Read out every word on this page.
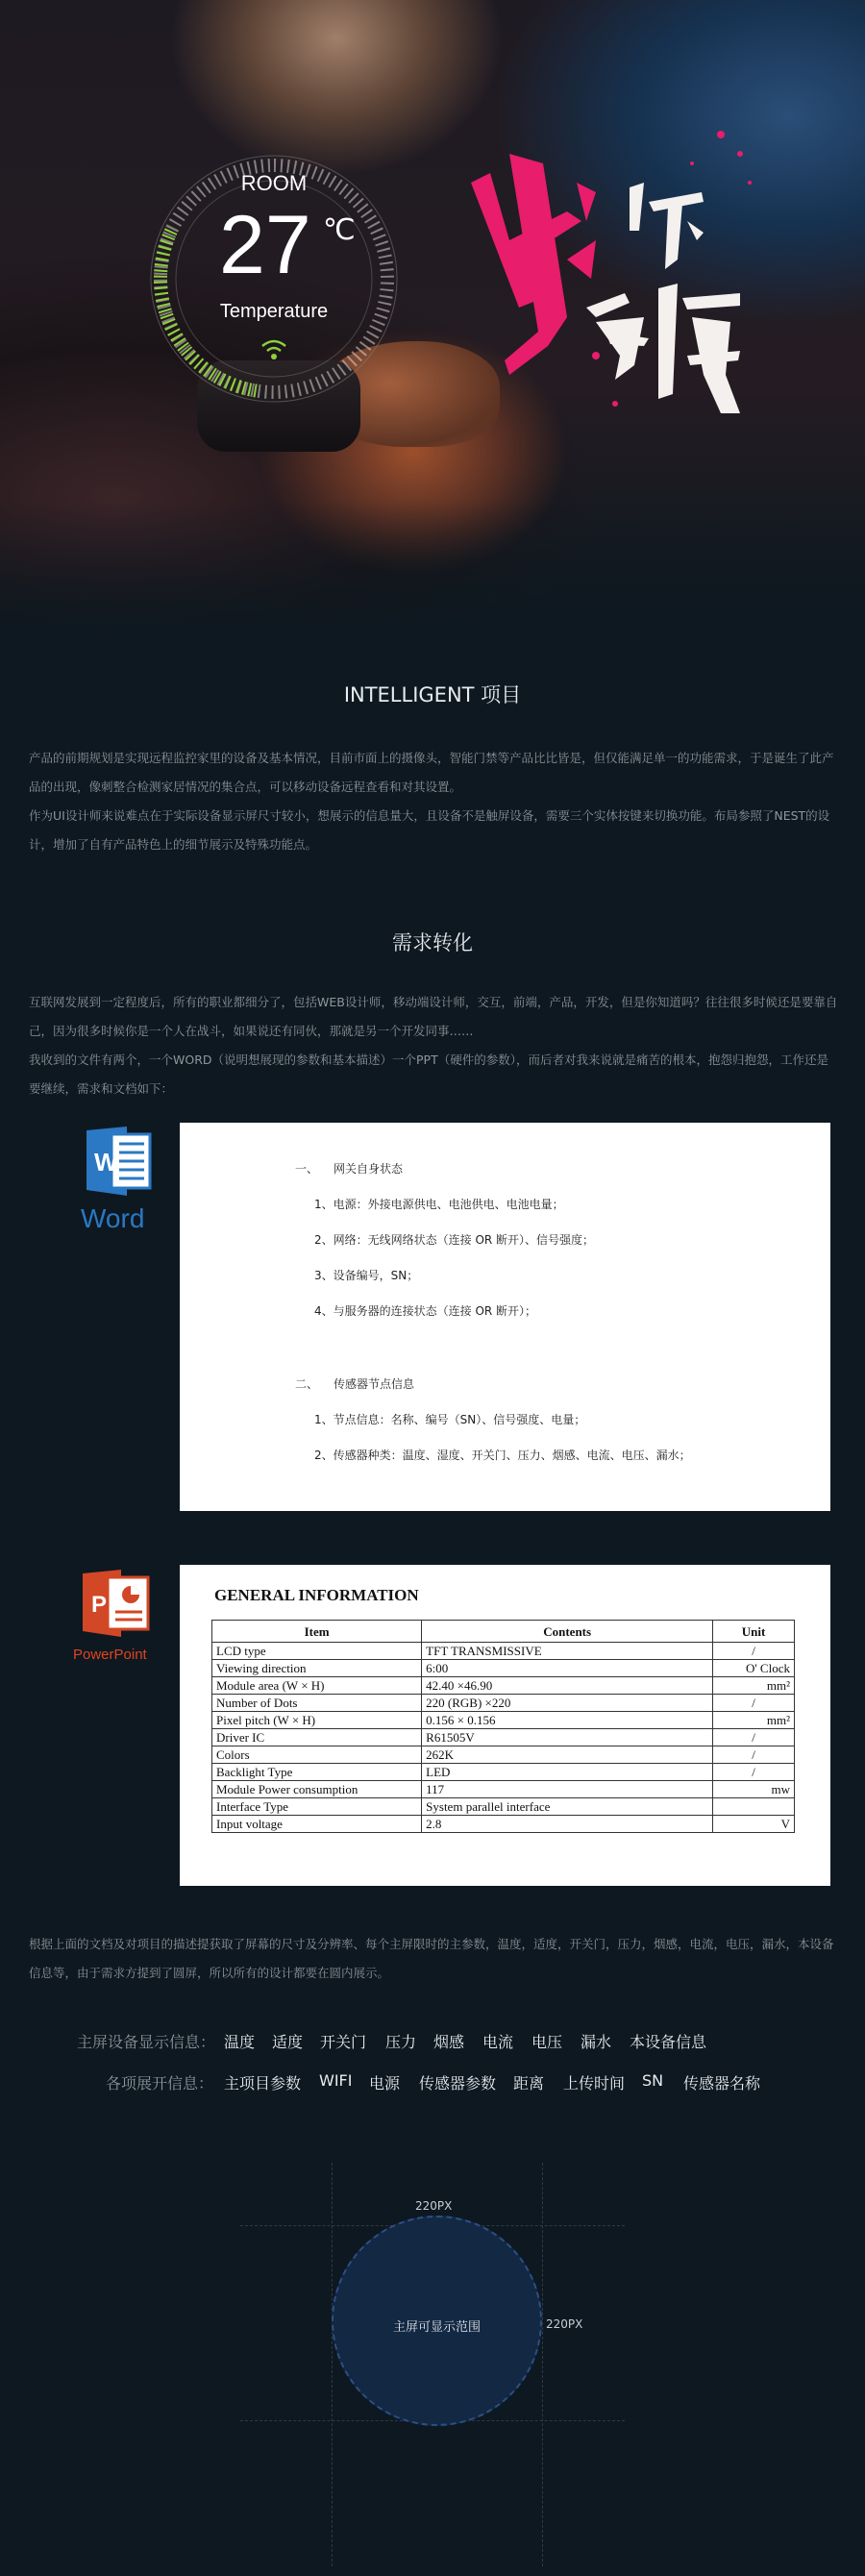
ROOM
27 ℃
Temperature
INTELLIGENT 项目

产品的前期规划是实现远程监控家里的设备及基本情况，目前市面上的摄像头，智能门禁等产品比比皆是，但仅能满足单一的功能需求，于是诞生了此产品的出现，像刺整合检测家居情况的集合点，可以移动设备远程查看和对其设置。

作为UI设计师来说难点在于实际设备显示屏尺寸较小，想展示的信息量大，且设备不是触屏设备，需要三个实体按键来切换功能。布局参照了NEST的设计，增加了自有产品特色上的细节展示及特殊功能点。

需求转化

互联网发展到一定程度后，所有的职业都细分了，包括WEB设计师，移动端设计师，交互，前端，产品，开发，但是你知道吗？往往很多时候还是要靠自己，因为很多时候你是一个人在战斗，如果说还有同伙，那就是另一个开发同事……

我收到的文件有两个，一个WORD（说明想展现的参数和基本描述）一个PPT（硬件的参数），而后者对我来说就是痛苦的根本，抱怨归抱怨，工作还是要继续，需求和文档如下：

W
Word
一、 网关自身状态
1、电源：外接电源供电、电池供电、电池电量；
2、网络：无线网络状态（连接 OR 断开）、信号强度；
3、设备编号，SN；
4、与服务器的连接状态（连接 OR 断开）；
二、 传感器节点信息
1、节点信息：名称、编号（SN）、信号强度、电量；
2、传感器种类：温度、湿度、开关门、压力、烟感、电流、电压、漏水；
P
PowerPoint
GENERAL INFORMATION
Item	Contents	Unit
LCD type	TFT TRANSMISSIVE	/
Viewing direction	6:00	O' Clock
Module area (W × H)	42.40 ×46.90	mm²
Number of Dots	220 (RGB) ×220	/
Pixel pitch (W × H)	0.156 × 0.156	mm²
Driver IC	R61505V	/
Colors	262K	/
Backlight Type	LED	/
Module Power consumption	117	mw
Interface Type	System parallel interface	
Input voltage	2.8	V

根据上面的文档及对项目的描述提获取了屏幕的尺寸及分辨率、每个主屏限时的主参数，温度，适度，开关门，压力，烟感，电流，电压，漏水，本设备信息等，由于需求方提到了圆屏，所以所有的设计都要在圆内展示。

主屏设备显示信息： 温度 适度 开关门 压力 烟感 电流 电压 漏水 本设备信息
各项展开信息： 主项目参数 WIFI 电源 传感器参数 距离 上传时间 SN 传感器名称
220PX
220PX
主屏可显示范围
